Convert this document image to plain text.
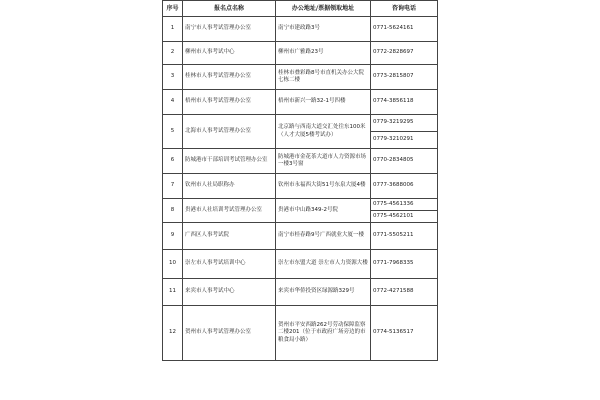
序号	报名点名称	办公地址/票据领取地址	咨询电话
1	南宁市人事考试管理办公室	南宁市建政路3号	0771-5624161
2	柳州市人事考试中心	柳州市广雅路23号	0772-2828697
3	桂林市人事考试管理办公室	桂林市叠彩路8号市直机关办公大院七栋二楼	0773-2815807
4	梧州市人事考试管理办公室	梧州市新兴一路32-1号四楼	0774-3856118
5	北海市人事考试管理办公室	北京路与西南大道交汇处往东100米（人才大厦5楼考试办）	0779-3219295
			0779-3210291
6	防城港市干部培训考试管理办公室	防城港市金花茶大道市人力资源市场一楼3号窗	0770-2834805
7	钦州市人社局职称办	钦州市永福西大街51号东泉大厦4楼	0777-3688006
8	贵港市人社培训考试管理办公室	贵港市中山路349-2号院	0775-4561336
			0775-4562101
9	广西区人事考试院	南宁市桂春路9号广西就业大厦一楼	0771-5505211
10	崇左市人事考试培训中心	崇左市东盟大道 崇左市人力资源大楼	0771-7968335
11	来宾市人事考试中心	来宾市华侨投资区绿源路329号	0772-4271588
12	贺州市人事考试管理办公室	贺州市平安西路262号劳动保障监察二楼201（位于市政府广场旁边的市粮食局小路）	0774-5136517
